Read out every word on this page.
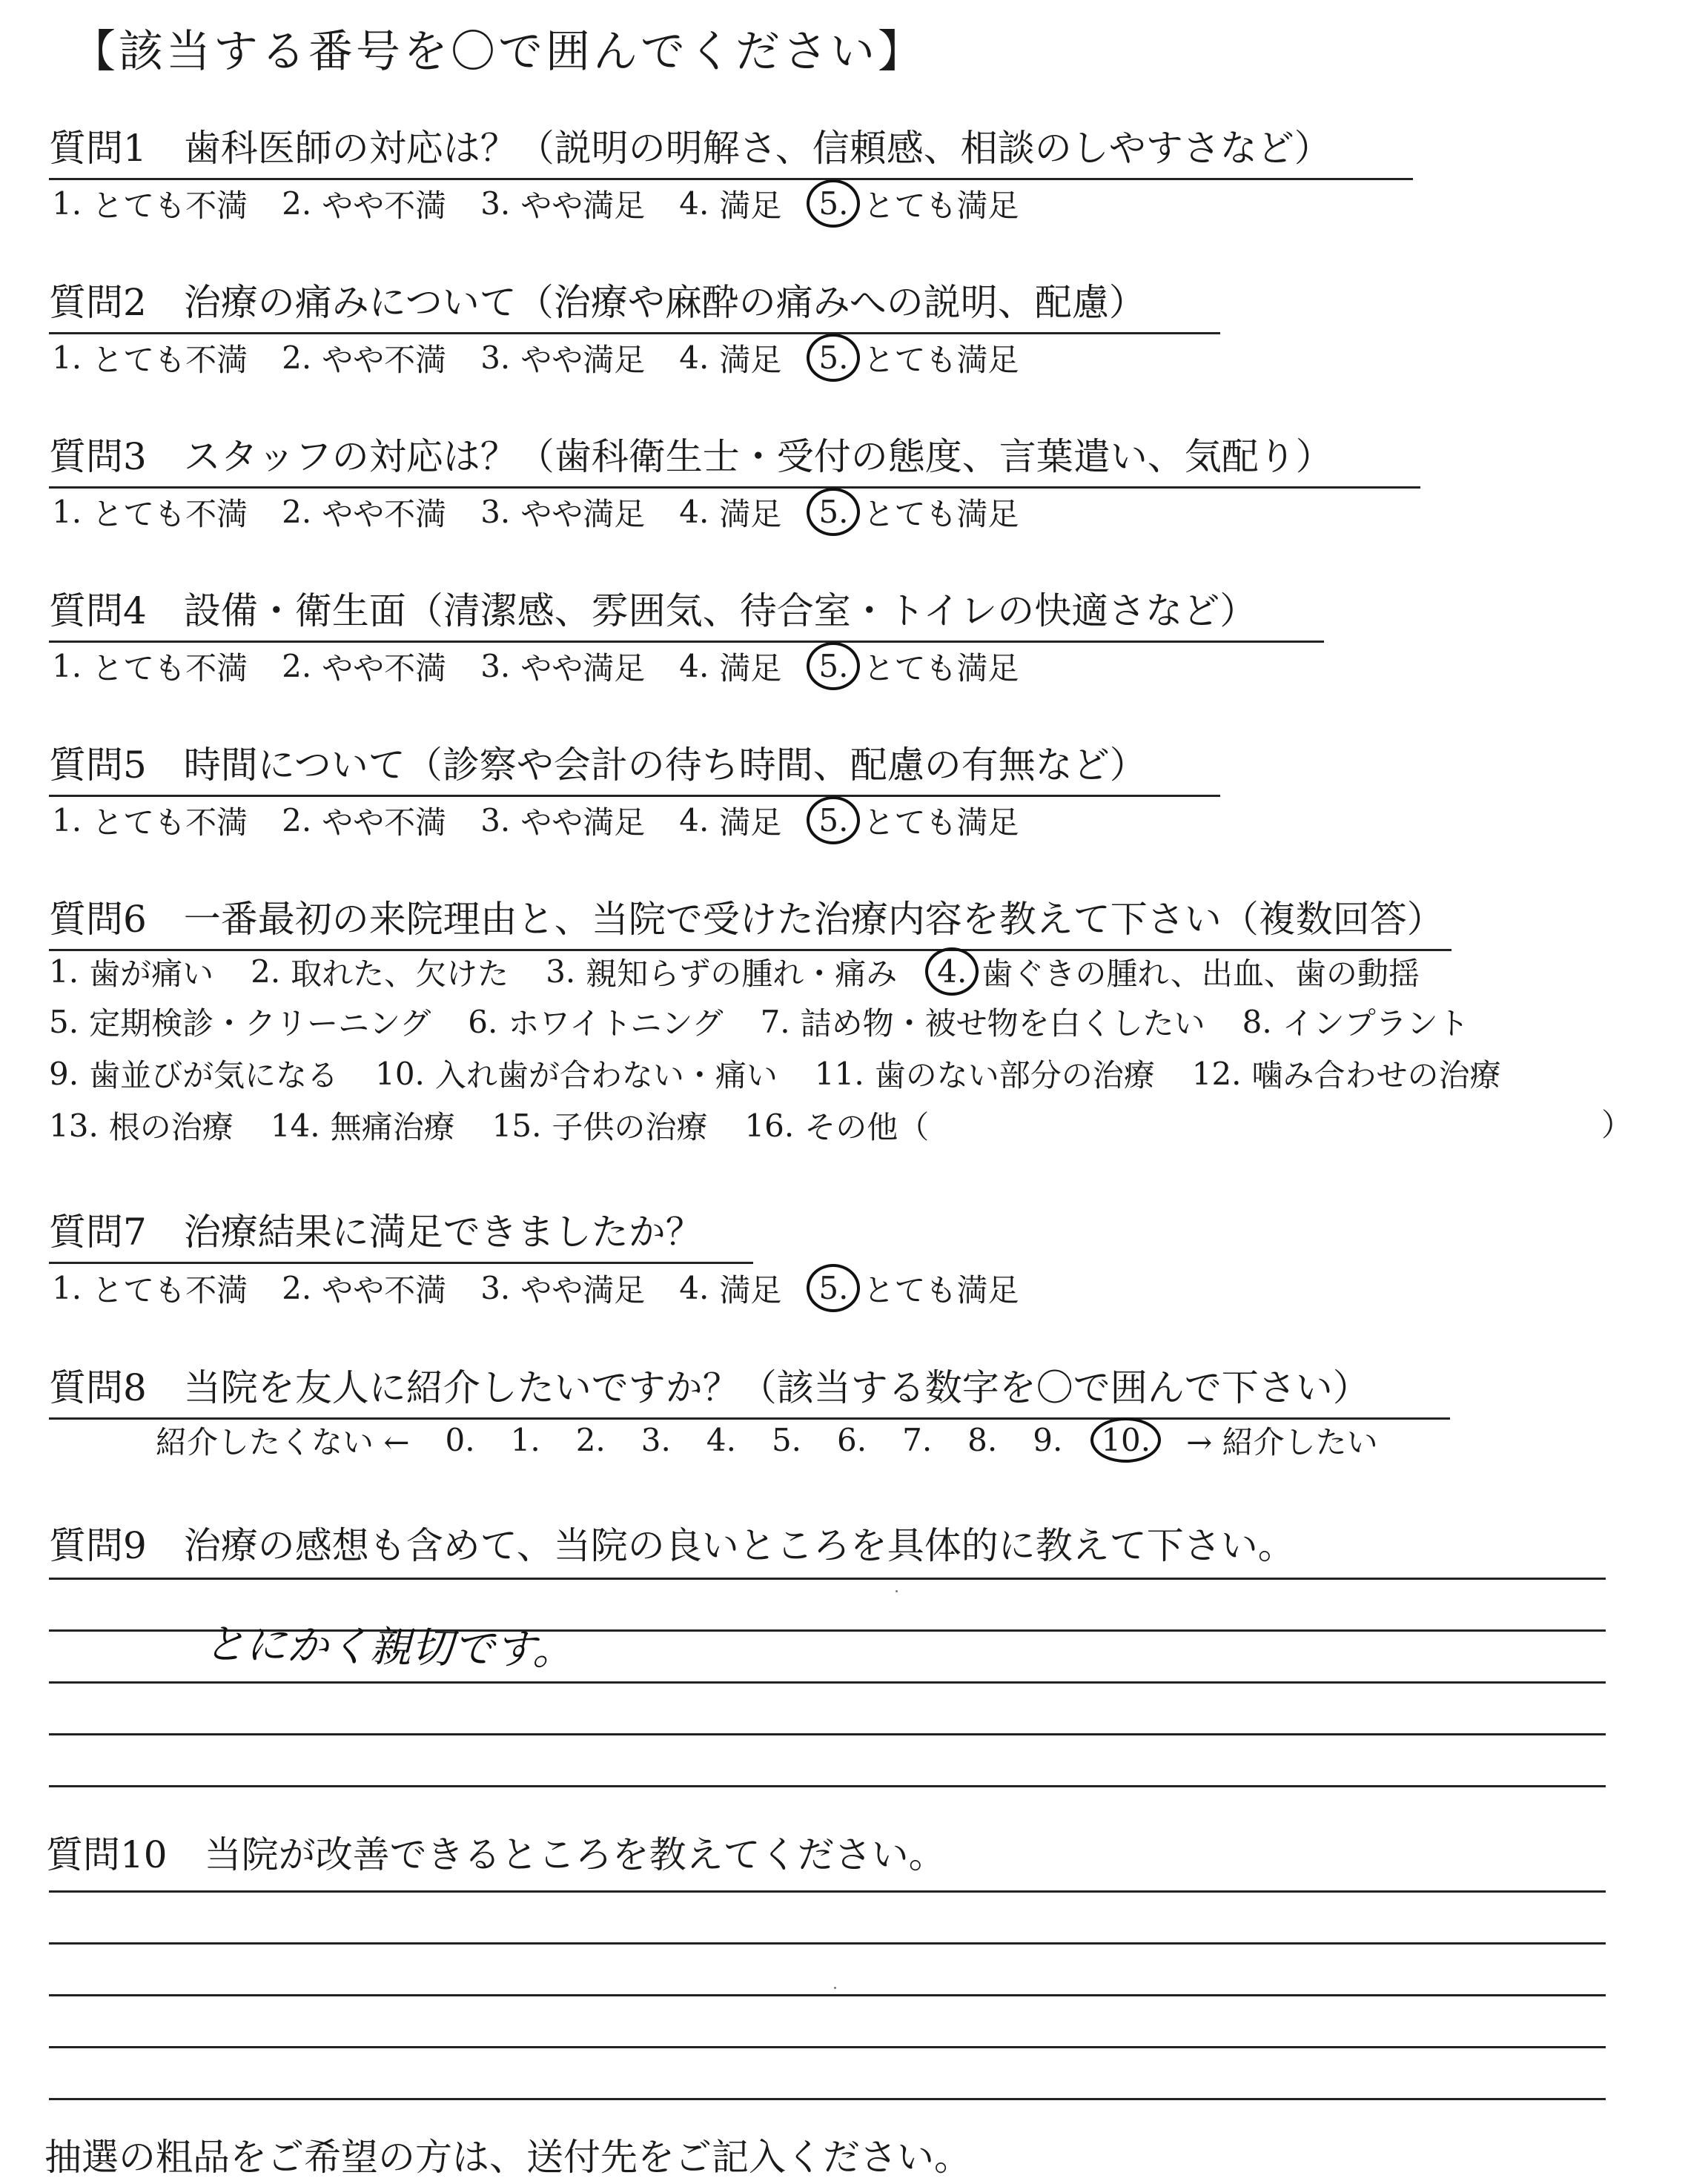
【該当する番号を〇で囲んでください】
質問1　歯科医師の対応は？（説明の明解さ、信頼感、相談のしやすさなど）
1. とても不満 2. やや不満 3. やや満足 4. 満足	5. とても満足
質問2　治療の痛みについて（治療や麻酔の痛みへの説明、配慮）
1. とても不満 2. やや不満 3. やや満足 4. 満足	5. とても満足
質問3　スタッフの対応は？（歯科衛生士・受付の態度、言葉遣い、気配り）
1. とても不満 2. やや不満 3. やや満足 4. 満足	5. とても満足
質問4　設備・衛生面（清潔感、雰囲気、待合室・トイレの快適さなど）
1. とても不満 2. やや不満 3. やや満足 4. 満足	5. とても満足
質問5　時間について（診察や会計の待ち時間、配慮の有無など）
1. とても不満 2. やや不満 3. やや満足 4. 満足	5. とても満足
質問6　一番最初の来院理由と、当院で受けた治療内容を教えて下さい（複数回答）
1. 歯が痛い 2. 取れた、欠けた 3. 親知らずの腫れ・痛み	4. 歯ぐきの腫れ、出血、歯の動揺
5. 定期検診・クリーニング 6. ホワイトニング 7. 詰め物・被せ物を白くしたい 8. インプラント
9. 歯並びが気になる 10. 入れ歯が合わない・痛い 11. 歯のない部分の治療 12. 噛み合わせの治療
13. 根の治療 14. 無痛治療 15. 子供の治療 16. その他（	）
質問7　治療結果に満足できましたか？
1. とても不満 2. やや不満 3. やや満足 4. 満足	5. とても満足
質問8　当院を友人に紹介したいですか？（該当する数字を〇で囲んで下さい）
紹介したくない ← 0. 1. 2. 3. 4. 5. 6. 7. 8. 9.	10.	→ 紹介したい
質問9　治療の感想も含めて、当院の良いところを具体的に教えて下さい。
とにかく親切です。
質問10　当院が改善できるところを教えてください。
抽選の粗品をご希望の方は、送付先をご記入ください。
